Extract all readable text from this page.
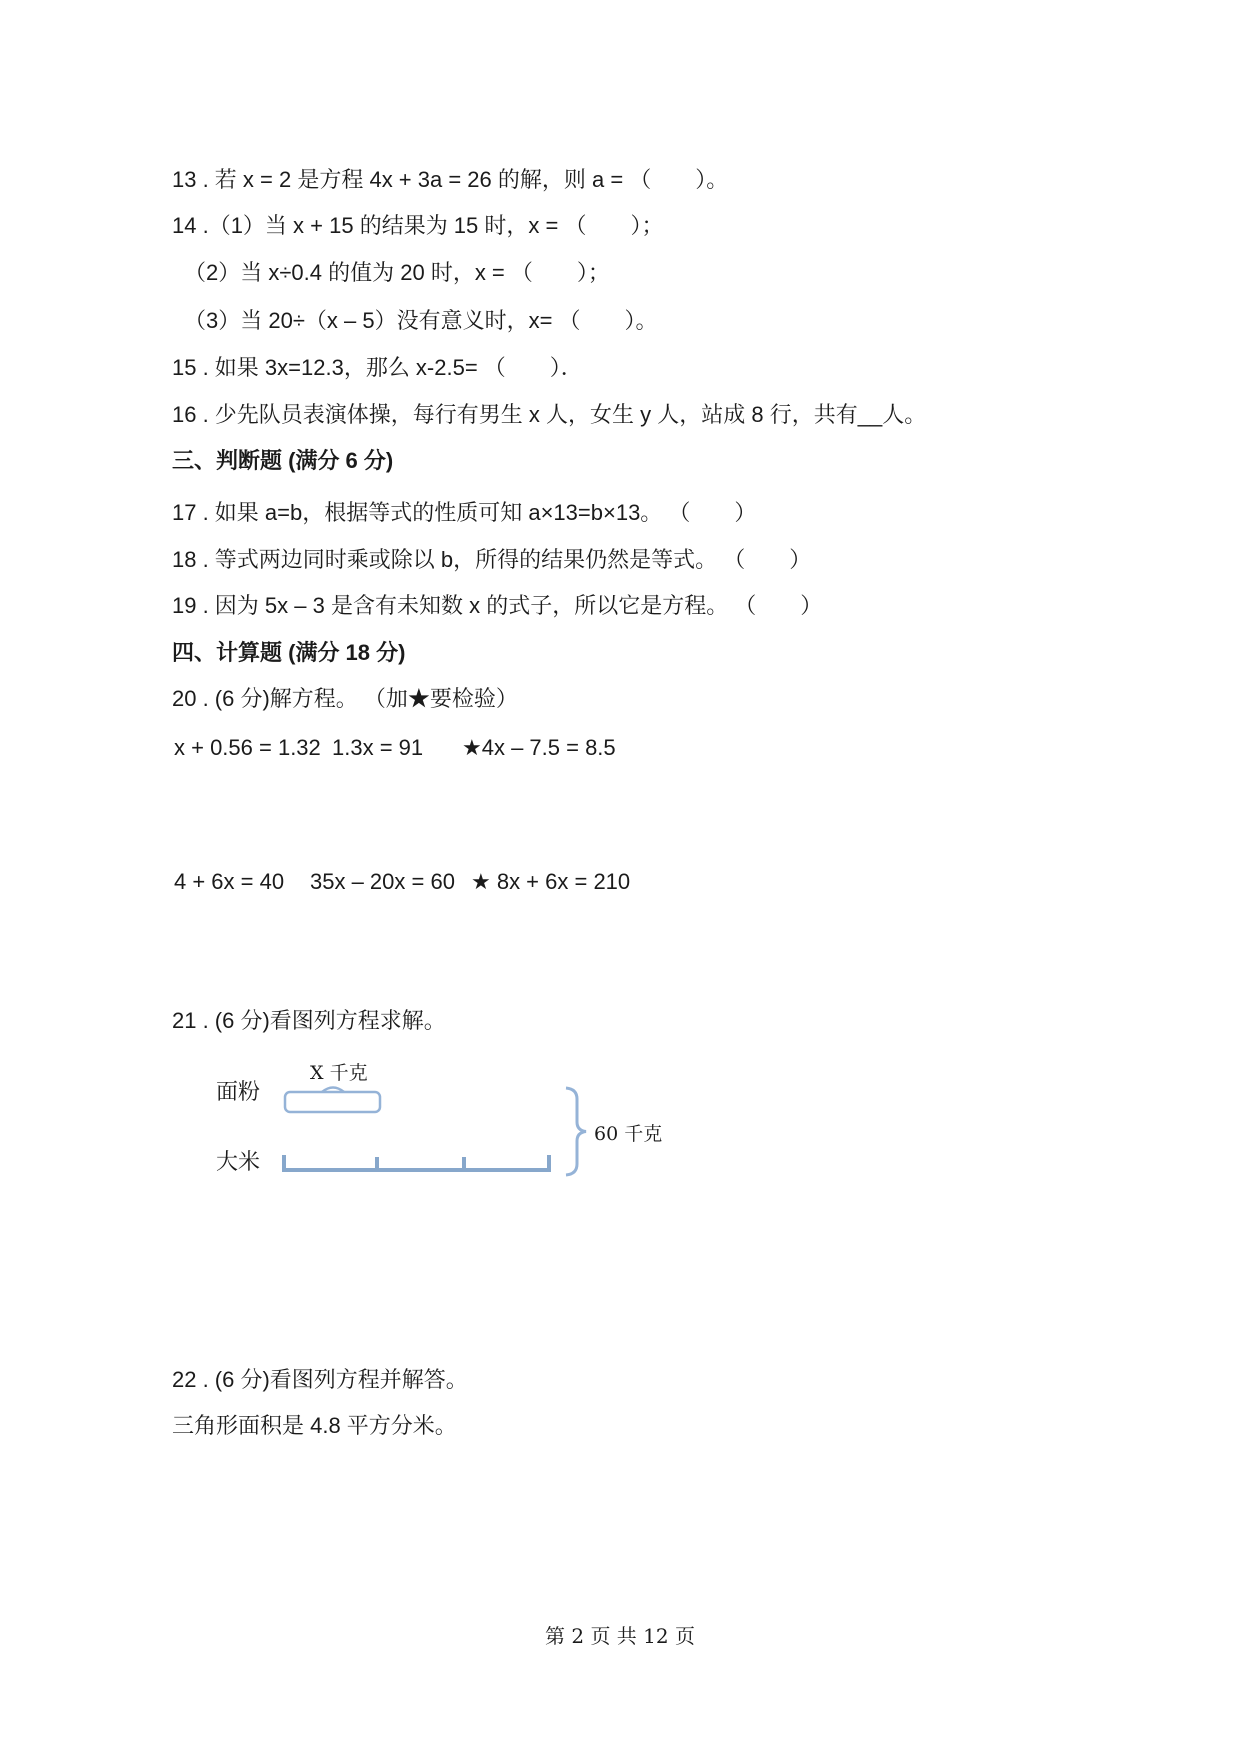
13 . 若 x = 2 是方程 4x + 3a = 26 的解，则 a = （　　）。
14 .（1）当 x + 15 的结果为 15 时，x = （　　）；
（2）当 x÷0.4 的值为 20 时，x = （　　）；
（3）当 20÷（x – 5）没有意义时，x= （　　）。
15 . 如果 3x=12.3，那么 x-2.5= （　　）．
16 . 少先队员表演体操，每行有男生 x 人，女生 y 人，站成 8 行，共有__人。
三、判断题 (满分 6 分)
17 . 如果 a=b，根据等式的性质可知 a×13=b×13。 （　　）
18 . 等式两边同时乘或除以 b，所得的结果仍然是等式。 （　　）
19 . 因为 5x – 3 是含有未知数 x 的式子，所以它是方程。 （　　）
四、计算题 (满分 18 分)
20 . (6 分)解方程。 （加★要检验）
x + 0.56 = 1.32 1.3x = 91 ★4x – 7.5 = 8.5
4 + 6x = 40 35x – 20x = 60 ★ 8x + 6x = 210
21 . (6 分)看图列方程求解。
X 千克
面粉
大米
60 千克
22 . (6 分)看图列方程并解答。
三角形面积是 4.8 平方分米。
第 2 页 共 12 页
